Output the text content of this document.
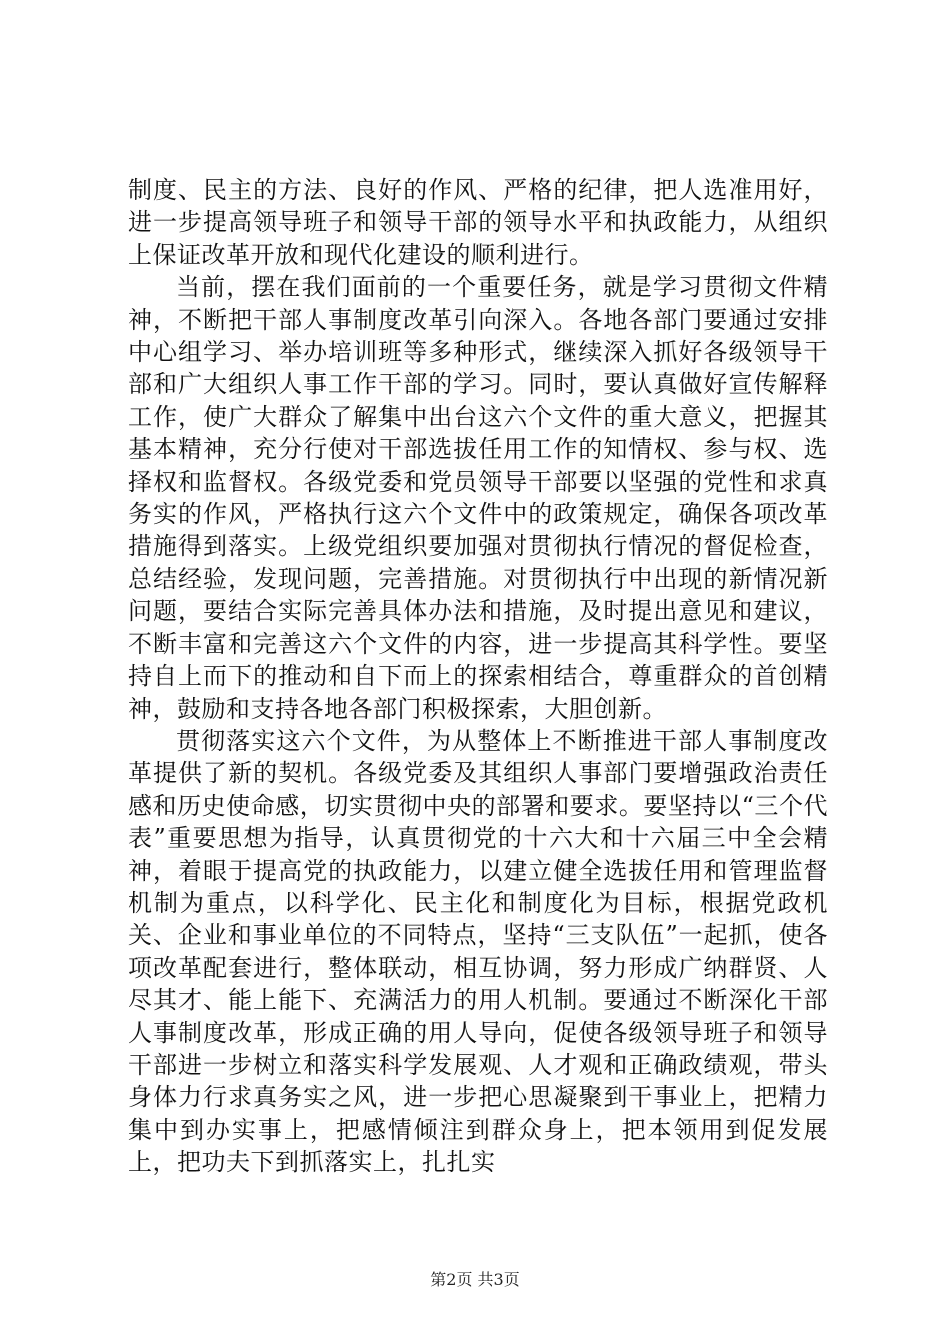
制度、民主的方法、良好的作风、严格的纪律，把人选准用好，进一步提高领导班子和领导干部的领导水平和执政能力，从组织上保证改革开放和现代化建设的顺利进行。

当前，摆在我们面前的一个重要任务，就是学习贯彻文件精神，不断把干部人事制度改革引向深入。各地各部门要通过安排中心组学习、举办培训班等多种形式，继续深入抓好各级领导干部和广大组织人事工作干部的学习。同时，要认真做好宣传解释工作，使广大群众了解集中出台这六个文件的重大意义，把握其基本精神，充分行使对干部选拔任用工作的知情权、参与权、选择权和监督权。各级党委和党员领导干部要以坚强的党性和求真务实的作风，严格执行这六个文件中的政策规定，确保各项改革措施得到落实。上级党组织要加强对贯彻执行情况的督促检查，总结经验，发现问题，完善措施。对贯彻执行中出现的新情况新问题，要结合实际完善具体办法和措施，及时提出意见和建议，不断丰富和完善这六个文件的内容，进一步提高其科学性。要坚持自上而下的推动和自下而上的探索相结合，尊重群众的首创精神，鼓励和支持各地各部门积极探索，大胆创新。

贯彻落实这六个文件，为从整体上不断推进干部人事制度改革提供了新的契机。各级党委及其组织人事部门要增强政治责任感和历史使命感，切实贯彻中央的部署和要求。要坚持以“三个代表”重要思想为指导，认真贯彻党的十六大和十六届三中全会精神，着眼于提高党的执政能力，以建立健全选拔任用和管理监督机制为重点，以科学化、民主化和制度化为目标，根据党政机关、企业和事业单位的不同特点，坚持“三支队伍”一起抓，使各项改革配套进行，整体联动，相互协调，努力形成广纳群贤、人尽其才、能上能下、充满活力的用人机制。要通过不断深化干部人事制度改革，形成正确的用人导向，促使各级领导班子和领导干部进一步树立和落实科学发展观、人才观和正确政绩观，带头身体力行求真务实之风，进一步把心思凝聚到干事业上，把精力集中到办实事上，把感情倾注到群众身上，把本领用到促发展上，把功夫下到抓落实上，扎扎实

第2页 共3页
